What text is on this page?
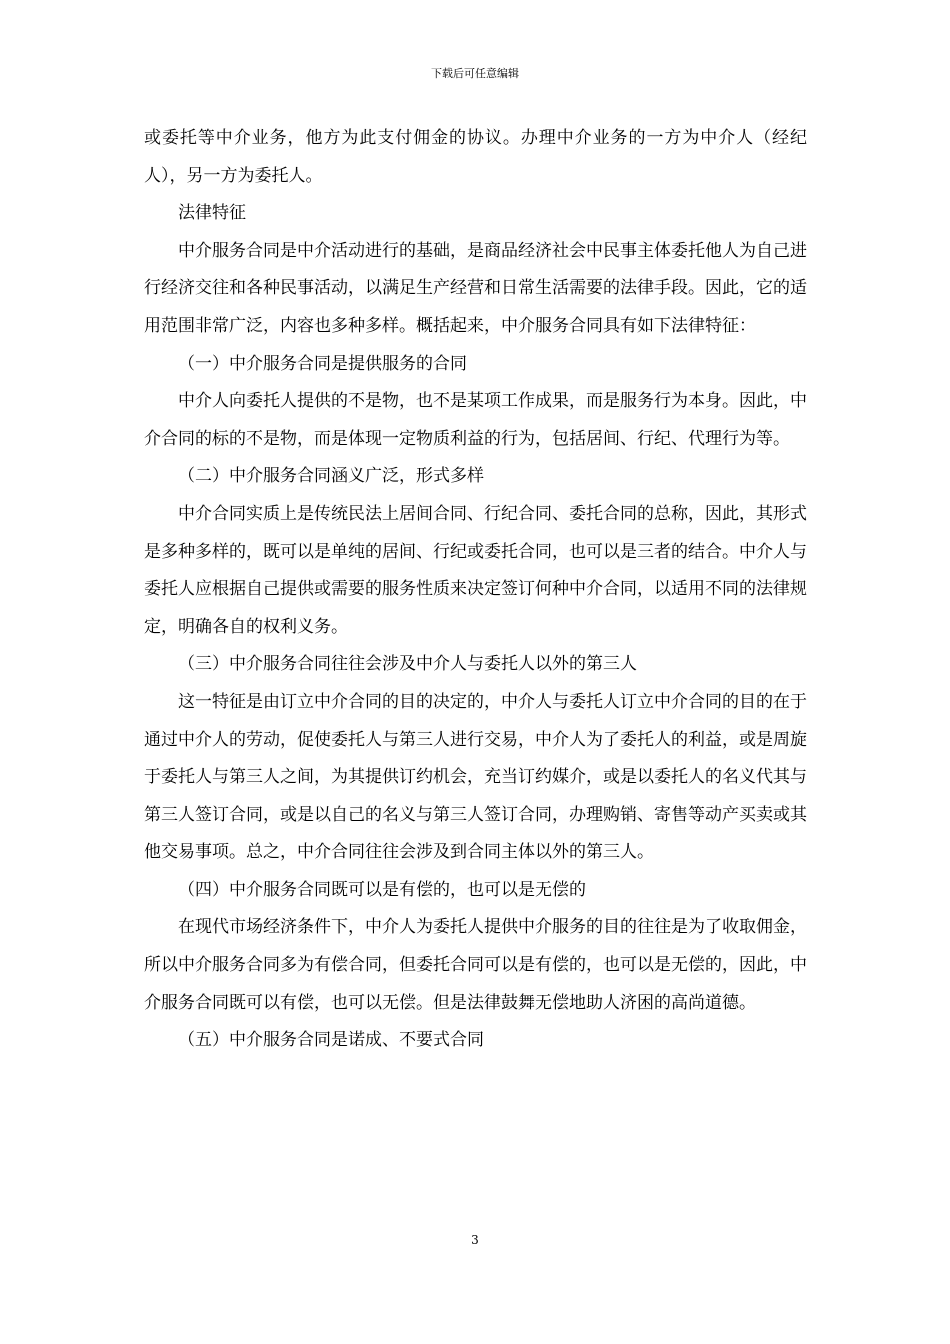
下载后可任意编辑

或委托等中介业务，他方为此支付佣金的协议。办理中介业务的一方为中介人（经纪人），另一方为委托人。

法律特征

中介服务合同是中介活动进行的基础，是商品经济社会中民事主体委托他人为自己进行经济交往和各种民事活动，以满足生产经营和日常生活需要的法律手段。因此，它的适用范围非常广泛，内容也多种多样。概括起来，中介服务合同具有如下法律特征：

（一）中介服务合同是提供服务的合同

中介人向委托人提供的不是物，也不是某项工作成果，而是服务行为本身。因此，中介合同的标的不是物，而是体现一定物质利益的行为，包括居间、行纪、代理行为等。

（二）中介服务合同涵义广泛，形式多样

中介合同实质上是传统民法上居间合同、行纪合同、委托合同的总称，因此，其形式是多种多样的，既可以是单纯的居间、行纪或委托合同，也可以是三者的结合。中介人与委托人应根据自己提供或需要的服务性质来决定签订何种中介合同，以适用不同的法律规定，明确各自的权利义务。

（三）中介服务合同往往会涉及中介人与委托人以外的第三人

这一特征是由订立中介合同的目的决定的，中介人与委托人订立中介合同的目的在于通过中介人的劳动，促使委托人与第三人进行交易，中介人为了委托人的利益，或是周旋于委托人与第三人之间，为其提供订约机会，充当订约媒介，或是以委托人的名义代其与第三人签订合同，或是以自己的名义与第三人签订合同，办理购销、寄售等动产买卖或其他交易事项。总之，中介合同往往会涉及到合同主体以外的第三人。

（四）中介服务合同既可以是有偿的，也可以是无偿的

在现代市场经济条件下，中介人为委托人提供中介服务的目的往往是为了收取佣金，所以中介服务合同多为有偿合同，但委托合同可以是有偿的，也可以是无偿的，因此，中介服务合同既可以有偿，也可以无偿。但是法律鼓舞无偿地助人济困的高尚道德。

（五）中介服务合同是诺成、不要式合同

3
